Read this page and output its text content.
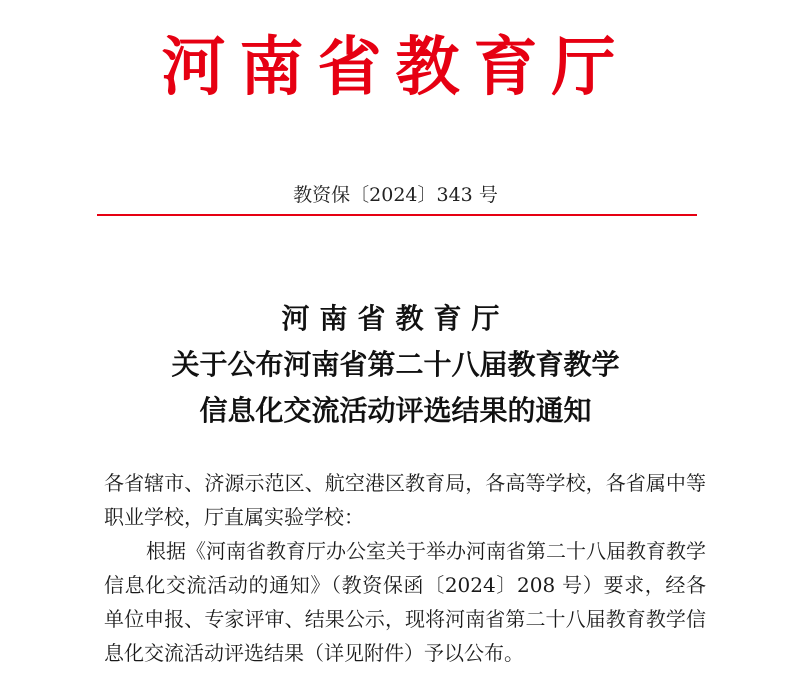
河南省教育厅
教资保〔2024〕343 号
河南省教育厅
关于公布河南省第二十八届教育教学
信息化交流活动评选结果的通知

各省辖市、济源示范区、航空港区教育局，各高等学校，各省属中等职业学校，厅直属实验学校：

根据《河南省教育厅办公室关于举办河南省第二十八届教育教学信息化交流活动的通知》（教资保函〔2024〕208 号）要求，经各单位申报、专家评审、结果公示，现将河南省第二十八届教育教学信息化交流活动评选结果（详见附件）予以公布。
